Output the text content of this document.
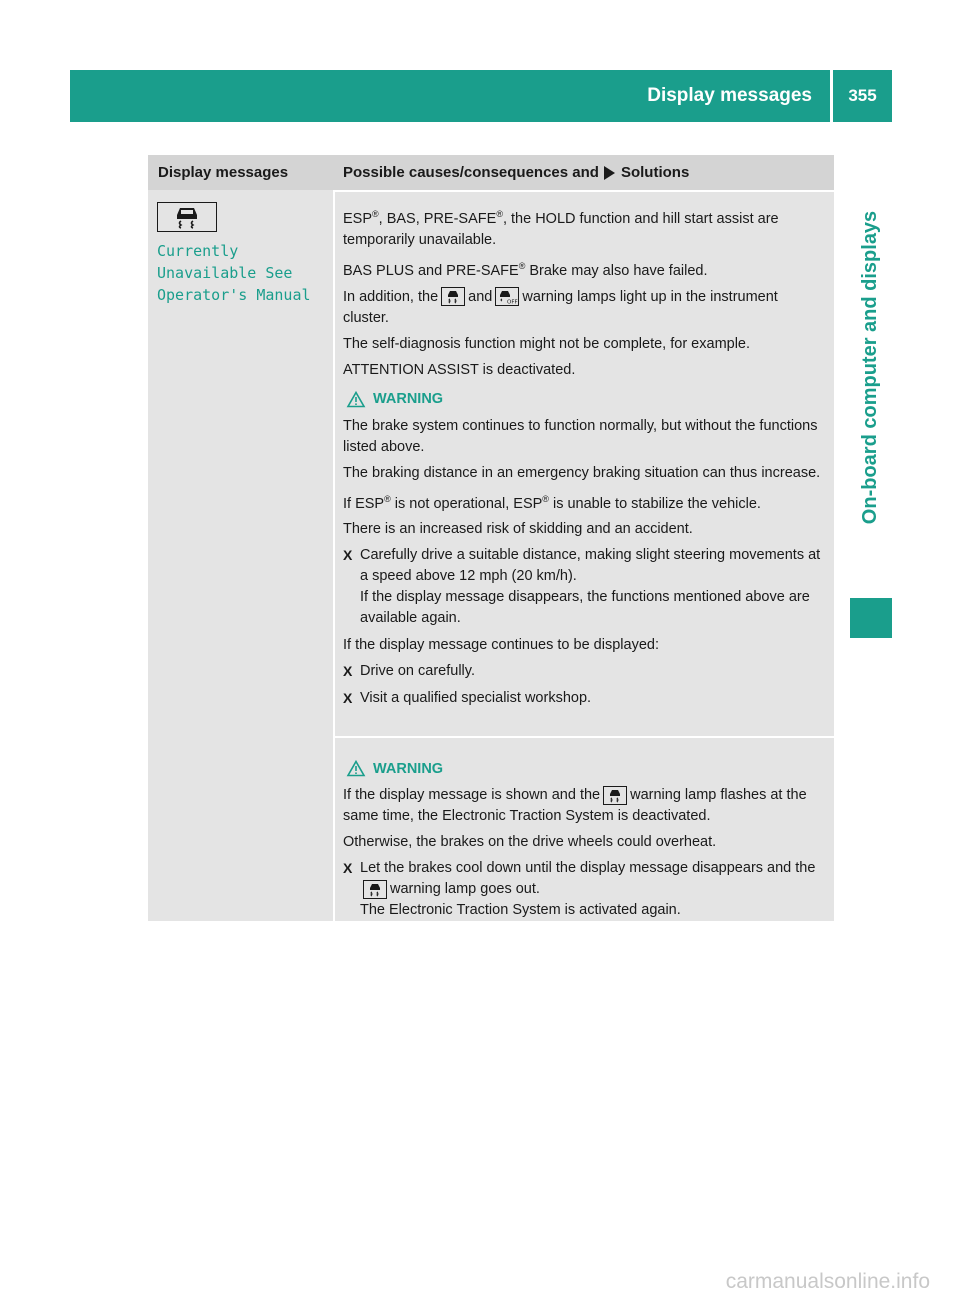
Display messages	355
On-board computer and displays
Display messages	Possible causes/consequences and Solutions
Currently
Unavailable See
Operator's Manual

ESP®, BAS, PRE-SAFE®, the HOLD function and hill start assist are temporarily unavailable.

BAS PLUS and PRE-SAFE® Brake may also have failed.

In addition, the and	OFF warning lamps light up in the instrument cluster.

The self-diagnosis function might not be complete, for example.

ATTENTION ASSIST is deactivated.

WARNING

The brake system continues to function normally, but without the functions listed above.

The braking distance in an emergency braking situation can thus increase.

If ESP® is not operational, ESP® is unable to stabilize the vehicle.

There is an increased risk of skidding and an accident.

X Carefully drive a suitable distance, making slight steering movements at a speed above 12 mph (20 km/h).
If the display message disappears, the functions mentioned above are available again.

If the display message continues to be displayed:

X Drive on carefully.
X Visit a qualified specialist workshop.
WARNING

If the display message is shown and the warning lamp flashes at the same time, the Electronic Traction System is deactivated.

Otherwise, the brakes on the drive wheels could overheat.

X Let the brakes cool down until the display message disappears and the
warning lamp goes out.
The Electronic Traction System is activated again.
carmanualsonline.info
